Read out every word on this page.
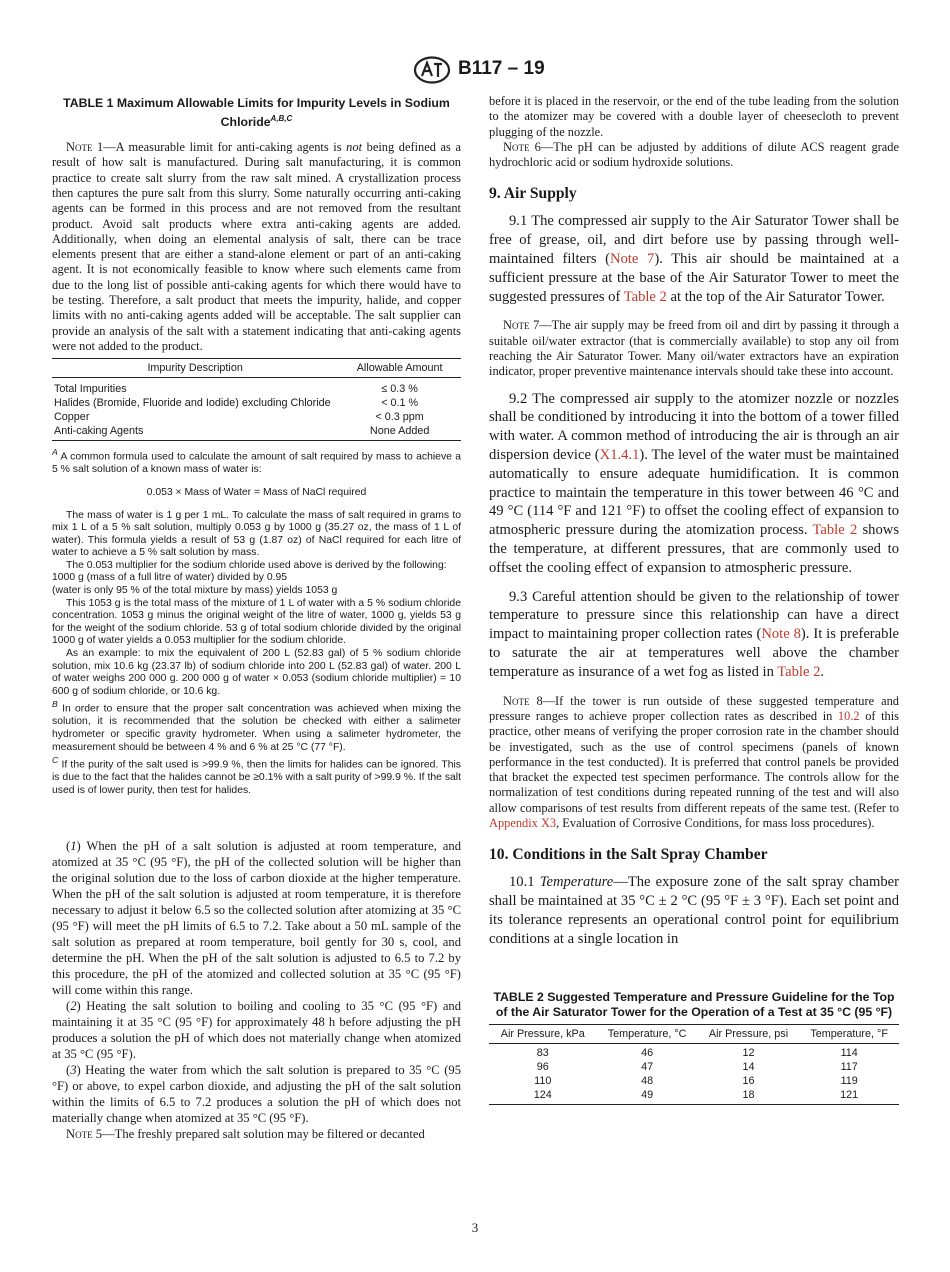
B117 – 19
TABLE 1 Maximum Allowable Limits for Impurity Levels in Sodium Chloride$^{A,B,C}$
Note 1—A measurable limit for anti-caking agents is not being defined as a result of how salt is manufactured. During salt manufacturing, it is common practice to create salt slurry from the raw salt mined. A crystallization process then captures the pure salt from this slurry. Some naturally occurring anti-caking agents can be formed in this process and are not removed from the resultant product. Avoid salt products where extra anti-caking agents are added. Additionally, when doing an elemental analysis of salt, there can be trace elements present that are either a stand-alone element or part of an anti-caking agent. It is not economically feasible to know where such elements came from due to the long list of possible anti-caking agents for which there would have to be testing. Therefore, a salt product that meets the impurity, halide, and copper limits with no anti-caking agents added will be acceptable. The salt supplier can provide an analysis of the salt with a statement indicating that anti-caking agents were not added to the product.
Impurity Description	Allowable Amount
Total Impurities	≤ 0.3 %
Halides (Bromide, Fluoride and Iodide) excluding Chloride	< 0.1 %
Copper	< 0.3 ppm
Anti-caking Agents	None Added

$^A$ A common formula used to calculate the amount of salt required by mass to achieve a 5 % salt solution of a known mass of water is:

0.053 × Mass of Water = Mass of NaCl required

The mass of water is 1 g per 1 mL. To calculate the mass of salt required in grams to mix 1 L of a 5 % salt solution, multiply 0.053 g by 1000 g (35.27 oz, the mass of 1 L of water). This formula yields a result of 53 g (1.87 oz) of NaCl required for each litre of water to achieve a 5 % salt solution by mass.

The 0.053 multiplier for the sodium chloride used above is derived by the following:

1000 g (mass of a full litre of water) divided by 0.95

(water is only 95 % of the total mixture by mass) yields 1053 g

This 1053 g is the total mass of the mixture of 1 L of water with a 5 % sodium chloride concentration. 1053 g minus the original weight of the litre of water, 1000 g, yields 53 g for the weight of the sodium chloride. 53 g of total sodium chloride divided by the original 1000 g of water yields a 0.053 multiplier for the sodium chloride.

As an example: to mix the equivalent of 200 L (52.83 gal) of 5 % sodium chloride solution, mix 10.6 kg (23.37 lb) of sodium chloride into 200 L (52.83 gal) of water. 200 L of water weighs 200 000 g. 200 000 g of water × 0.053 (sodium chloride multiplier) = 10 600 g of sodium chloride, or 10.6 kg.

$^B$ In order to ensure that the proper salt concentration was achieved when mixing the solution, it is recommended that the solution be checked with either a salimeter hydrometer or specific gravity hydrometer. When using a salimeter hydrometer, the measurement should be between 4 % and 6 % at 25 °C (77 °F).

$^C$ If the purity of the salt used is >99.9 %, then the limits for halides can be ignored. This is due to the fact that the halides cannot be ≥0.1% with a salt purity of >99.9 %. If the salt used is of lower purity, then test for halides.

(1) When the pH of a salt solution is adjusted at room temperature, and atomized at 35 °C (95 °F), the pH of the collected solution will be higher than the original solution due to the loss of carbon dioxide at the higher temperature. When the pH of the salt solution is adjusted at room temperature, it is therefore necessary to adjust it below 6.5 so the collected solution after atomizing at 35 °C (95 °F) will meet the pH limits of 6.5 to 7.2. Take about a 50 mL sample of the salt solution as prepared at room temperature, boil gently for 30 s, cool, and determine the pH. When the pH of the salt solution is adjusted to 6.5 to 7.2 by this procedure, the pH of the atomized and collected solution at 35 °C (95 °F) will come within this range.

(2) Heating the salt solution to boiling and cooling to 35 °C (95 °F) and maintaining it at 35 °C (95 °F) for approximately 48 h before adjusting the pH produces a solution the pH of which does not materially change when atomized at 35 °C (95 °F).

(3) Heating the water from which the salt solution is prepared to 35 °C (95 °F) or above, to expel carbon dioxide, and adjusting the pH of the salt solution within the limits of 6.5 to 7.2 produces a solution the pH of which does not materially change when atomized at 35 °C (95 °F).

Note 5—The freshly prepared salt solution may be filtered or decanted

before it is placed in the reservoir, or the end of the tube leading from the solution to the atomizer may be covered with a double layer of cheesecloth to prevent plugging of the nozzle.
Note 6—The pH can be adjusted by additions of dilute ACS reagent grade hydrochloric acid or sodium hydroxide solutions.
9. Air Supply
9.1 The compressed air supply to the Air Saturator Tower shall be free of grease, oil, and dirt before use by passing through well-maintained filters (Note 7). This air should be maintained at a sufficient pressure at the base of the Air Saturator Tower to meet the suggested pressures of Table 2 at the top of the Air Saturator Tower.
Note 7—The air supply may be freed from oil and dirt by passing it through a suitable oil/water extractor (that is commercially available) to stop any oil from reaching the Air Saturator Tower. Many oil/water extractors have an expiration indicator, proper preventive maintenance intervals should take these into account.
9.2 The compressed air supply to the atomizer nozzle or nozzles shall be conditioned by introducing it into the bottom of a tower filled with water. A common method of introducing the air is through an air dispersion device (X1.4.1). The level of the water must be maintained automatically to ensure adequate humidification. It is common practice to maintain the temperature in this tower between 46 °C and 49 °C (114 °F and 121 °F) to offset the cooling effect of expansion to atmospheric pressure during the atomization process. Table 2 shows the temperature, at different pressures, that are commonly used to offset the cooling effect of expansion to atmospheric pressure.
9.3 Careful attention should be given to the relationship of tower temperature to pressure since this relationship can have a direct impact to maintaining proper collection rates (Note 8). It is preferable to saturate the air at temperatures well above the chamber temperature as insurance of a wet fog as listed in Table 2.
Note 8—If the tower is run outside of these suggested temperature and pressure ranges to achieve proper collection rates as described in 10.2 of this practice, other means of verifying the proper corrosion rate in the chamber should be investigated, such as the use of control specimens (panels of known performance in the test conducted). It is preferred that control panels be provided that bracket the expected test specimen performance. The controls allow for the normalization of test conditions during repeated running of the test and will also allow comparisons of test results from different repeats of the same test. (Refer to Appendix X3, Evaluation of Corrosive Conditions, for mass loss procedures).
10. Conditions in the Salt Spray Chamber
10.1 Temperature—The exposure zone of the salt spray chamber shall be maintained at 35 °C ± 2 °C (95 °F ± 3 °F). Each set point and its tolerance represents an operational control point for equilibrium conditions at a single location in
TABLE 2 Suggested Temperature and Pressure Guideline for the Top of the Air Saturator Tower for the Operation of a Test at 35 °C (95 °F)
Air Pressure, kPa	Temperature, °C	Air Pressure, psi	Temperature, °F
83	46	12	114
96	47	14	117
110	48	16	119
124	49	18	121
3
